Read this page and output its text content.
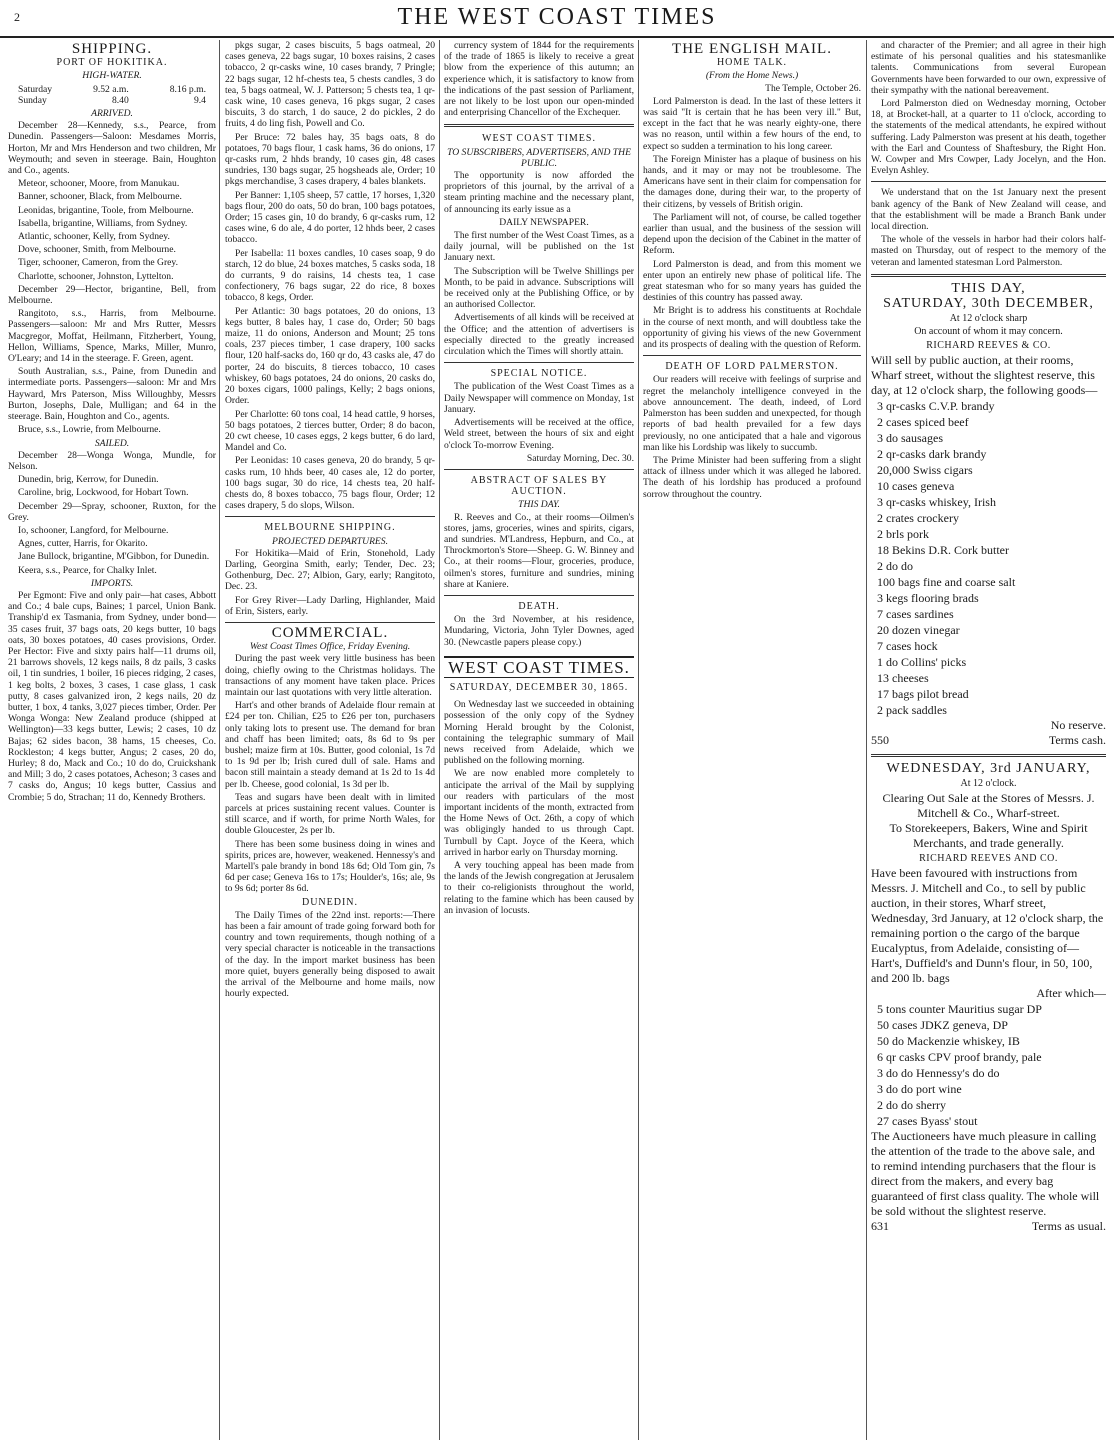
2	THE WEST COAST TIMES
SHIPPING.
PORT OF HOKITIKA.
HIGH-WATER.
Saturday	9.52 a.m.	8.16 p.m.
Sunday	8.40	9.4
ARRIVED.

December 28—Kennedy, s.s., Pearce, from Dunedin. Passengers—Saloon: Mesdames Morris, Horton, Mr and Mrs Henderson and two children, Mr Weymouth; and seven in steerage. Bain, Houghton and Co., agents.

Meteor, schooner, Moore, from Manukau.

Banner, schooner, Black, from Melbourne.

Leonidas, brigantine, Toole, from Melbourne.

Isabella, brigantine, Williams, from Sydney.

Atlantic, schooner, Kelly, from Sydney.

Dove, schooner, Smith, from Melbourne.

Tiger, schooner, Cameron, from the Grey.

Charlotte, schooner, Johnston, Lyttelton.

December 29—Hector, brigantine, Bell, from Melbourne.

Rangitoto, s.s., Harris, from Melbourne. Passengers—saloon: Mr and Mrs Rutter, Messrs Macgregor, Moffat, Heilmann, Fitzherbert, Young, Hellon, Williams, Spence, Marks, Miller, Munro, O'Leary; and 14 in the steerage. F. Green, agent.

South Australian, s.s., Paine, from Dunedin and intermediate ports. Passengers—saloon: Mr and Mrs Hayward, Mrs Paterson, Miss Willoughby, Messrs Burton, Josephs, Dale, Mulligan; and 64 in the steerage. Bain, Houghton and Co., agents.

Bruce, s.s., Lowrie, from Melbourne.

SAILED.

December 28—Wonga Wonga, Mundle, for Nelson.

Dunedin, brig, Kerrow, for Dunedin.

Caroline, brig, Lockwood, for Hobart Town.

December 29—Spray, schooner, Ruxton, for the Grey.

Io, schooner, Langford, for Melbourne.

Agnes, cutter, Harris, for Okarito.

Jane Bullock, brigantine, M'Gibbon, for Dunedin.

Keera, s.s., Pearce, for Chalky Inlet.

IMPORTS.

Per Egmont: Five and only pair—hat cases, Abbott and Co.; 4 bale cups, Baines; 1 parcel, Union Bank. Tranship'd ex Tasmania, from Sydney, under bond—35 cases fruit, 37 bags oats, 20 kegs butter, 10 bags oats, 30 boxes potatoes, 40 cases provisions, Order. Per Hector: Five and sixty pairs half—11 drums oil, 21 barrows shovels, 12 kegs nails, 8 dz pails, 3 casks oil, 1 tin sundries, 1 boiler, 16 pieces ridging, 2 cases, 1 keg bolts, 2 boxes, 3 cases, 1 case glass, 1 cask putty, 8 cases galvanized iron, 2 kegs nails, 20 dz butter, 1 box, 4 tanks, 3,027 pieces timber, Order. Per Wonga Wonga: New Zealand produce (shipped at Wellington)—33 kegs butter, Lewis; 2 cases, 10 dz Bajas; 62 sides bacon, 38 hams, 15 cheeses, Co. Rockleston; 4 kegs butter, Angus; 2 cases, 20 do, Hurley; 8 do, Mack and Co.; 10 do do, Cruickshank and Mill; 3 do, 2 cases potatoes, Acheson; 3 cases and 7 casks do, Angus; 10 kegs butter, Cassius and Crombie; 5 do, Strachan; 11 do, Kennedy Brothers.

pkgs sugar, 2 cases biscuits, 5 bags oatmeal, 20 cases geneva, 22 bags sugar, 10 boxes raisins, 2 cases tobacco, 2 qr-casks wine, 10 cases brandy, 7 Pringle; 22 bags sugar, 12 hf-chests tea, 5 chests candles, 3 do tea, 5 bags oatmeal, W. J. Patterson; 5 chests tea, 1 qr-cask wine, 10 cases geneva, 16 pkgs sugar, 2 cases biscuits, 3 do starch, 1 do sauce, 2 do pickles, 2 do fruits, 4 do ling fish, Powell and Co.

Per Bruce: 72 bales hay, 35 bags oats, 8 do potatoes, 70 bags flour, 1 cask hams, 36 do onions, 17 qr-casks rum, 2 hhds brandy, 10 cases gin, 48 cases sundries, 130 bags sugar, 25 hogsheads ale, Order; 10 pkgs merchandise, 3 cases drapery, 4 bales blankets.

Per Banner: 1,105 sheep, 57 cattle, 17 horses, 1,320 bags flour, 200 do oats, 50 do bran, 100 bags potatoes, Order; 15 cases gin, 10 do brandy, 6 qr-casks rum, 12 cases wine, 6 do ale, 4 do porter, 12 hhds beer, 2 cases tobacco.

Per Isabella: 11 boxes candles, 10 cases soap, 9 do starch, 12 do blue, 24 boxes matches, 5 casks soda, 18 do currants, 9 do raisins, 14 chests tea, 1 case confectionery, 76 bags sugar, 22 do rice, 8 boxes tobacco, 8 kegs, Order.

Per Atlantic: 30 bags potatoes, 20 do onions, 13 kegs butter, 8 bales hay, 1 case do, Order; 50 bags maize, 11 do onions, Anderson and Mount; 25 tons coals, 237 pieces timber, 1 case drapery, 100 sacks flour, 120 half-sacks do, 160 qr do, 43 casks ale, 47 do porter, 24 do biscuits, 8 tierces tobacco, 10 cases whiskey, 60 bags potatoes, 24 do onions, 20 casks do, 20 boxes cigars, 1000 palings, Kelly; 2 bags onions, Order.

Per Charlotte: 60 tons coal, 14 head cattle, 9 horses, 50 bags potatoes, 2 tierces butter, Order; 8 do bacon, 20 cwt cheese, 10 cases eggs, 2 kegs butter, 6 do lard, Mandel and Co.

Per Leonidas: 10 cases geneva, 20 do brandy, 5 qr-casks rum, 10 hhds beer, 40 cases ale, 12 do porter, 100 bags sugar, 30 do rice, 14 chests tea, 20 half-chests do, 8 boxes tobacco, 75 bags flour, Order; 12 cases drapery, 5 do slops, Wilson.

MELBOURNE SHIPPING.
PROJECTED DEPARTURES.

For Hokitika—Maid of Erin, Stonehold, Lady Darling, Georgina Smith, early; Tender, Dec. 23; Gothenburg, Dec. 27; Albion, Gary, early; Rangitoto, Dec. 23.

For Grey River—Lady Darling, Highlander, Maid of Erin, Sisters, early.

COMMERCIAL.
West Coast Times Office, Friday Evening.

During the past week very little business has been doing, chiefly owing to the Christmas holidays. The transactions of any moment have taken place. Prices maintain our last quotations with very little alteration.

Hart's and other brands of Adelaide flour remain at £24 per ton. Chilian, £25 to £26 per ton, purchasers only taking lots to present use. The demand for bran and chaff has been limited; oats, 8s 6d to 9s per bushel; maize firm at 10s. Butter, good colonial, 1s 7d to 1s 9d per lb; Irish cured dull of sale. Hams and bacon still maintain a steady demand at 1s 2d to 1s 4d per lb. Cheese, good colonial, 1s 3d per lb.

Teas and sugars have been dealt with in limited parcels at prices sustaining recent values. Counter is still scarce, and if worth, for prime North Wales, for double Gloucester, 2s per lb.

There has been some business doing in wines and spirits, prices are, however, weakened. Hennessy's and Martell's pale brandy in bond 18s 6d; Old Tom gin, 7s 6d per case; Geneva 16s to 17s; Houlder's, 16s; ale, 9s to 9s 6d; porter 8s 6d.

DUNEDIN.

The Daily Times of the 22nd inst. reports:—There has been a fair amount of trade going forward both for country and town requirements, though nothing of a very special character is noticeable in the transactions of the day. In the import market business has been more quiet, buyers generally being disposed to await the arrival of the Melbourne and home mails, now hourly expected.

currency system of 1844 for the requirements of the trade of 1865 is likely to receive a great blow from the experience of this autumn; an experience which, it is satisfactory to know from the indications of the past session of Parliament, are not likely to be lost upon our open-minded and enterprising Chancellor of the Exchequer.

WEST COAST TIMES.
TO SUBSCRIBERS, ADVERTISERS, AND THE PUBLIC.

The opportunity is now afforded the proprietors of this journal, by the arrival of a steam printing machine and the necessary plant, of announcing its early issue as a

DAILY NEWSPAPER.

The first number of the West Coast Times, as a daily journal, will be published on the 1st January next.

The Subscription will be Twelve Shillings per Month, to be paid in advance. Subscriptions will be received only at the Publishing Office, or by an authorised Collector.

Advertisements of all kinds will be received at the Office; and the attention of advertisers is especially directed to the greatly increased circulation which the Times will shortly attain.

SPECIAL NOTICE.

The publication of the West Coast Times as a Daily Newspaper will commence on Monday, 1st January.

Advertisements will be received at the office, Weld street, between the hours of six and eight o'clock To-morrow Evening.

Saturday Morning, Dec. 30.

ABSTRACT OF SALES BY AUCTION.
THIS DAY.

R. Reeves and Co., at their rooms—Oilmen's stores, jams, groceries, wines and spirits, cigars, and sundries. M'Landress, Hepburn, and Co., at Throckmorton's Store—Sheep. G. W. Binney and Co., at their rooms—Flour, groceries, produce, oilmen's stores, furniture and sundries, mining share at Kaniere.

DEATH.

On the 3rd November, at his residence, Mundaring, Victoria, John Tyler Downes, aged 30. (Newcastle papers please copy.)

WEST COAST TIMES.
SATURDAY, DECEMBER 30, 1865.

On Wednesday last we succeeded in obtaining possession of the only copy of the Sydney Morning Herald brought by the Colonist, containing the telegraphic summary of Mail news received from Adelaide, which we published on the following morning.

We are now enabled more completely to anticipate the arrival of the Mail by supplying our readers with particulars of the most important incidents of the month, extracted from the Home News of Oct. 26th, a copy of which was obligingly handed to us through Capt. Turnbull by Capt. Joyce of the Keera, which arrived in harbor early on Thursday morning.

A very touching appeal has been made from the lands of the Jewish congregation at Jerusalem to their co-religionists throughout the world, relating to the famine which has been caused by an invasion of locusts.

THE ENGLISH MAIL.
HOME TALK.
(From the Home News.)

The Temple, October 26.

Lord Palmerston is dead. In the last of these letters it was said "It is certain that he has been very ill." But, except in the fact that he was nearly eighty-one, there was no reason, until within a few hours of the end, to expect so sudden a termination to his long career.

The Foreign Minister has a plaque of business on his hands, and it may or may not be troublesome. The Americans have sent in their claim for compensation for the damages done, during their war, to the property of their citizens, by vessels of British origin.

The Parliament will not, of course, be called together earlier than usual, and the business of the session will depend upon the decision of the Cabinet in the matter of Reform.

Lord Palmerston is dead, and from this moment we enter upon an entirely new phase of political life. The great statesman who for so many years has guided the destinies of this country has passed away.

Mr Bright is to address his constituents at Rochdale in the course of next month, and will doubtless take the opportunity of giving his views of the new Government and its prospects of dealing with the question of Reform.

DEATH OF LORD PALMERSTON.

Our readers will receive with feelings of surprise and regret the melancholy intelligence conveyed in the above announcement. The death, indeed, of Lord Palmerston has been sudden and unexpected, for though reports of bad health prevailed for a few days previously, no one anticipated that a hale and vigorous man like his Lordship was likely to succumb.

The Prime Minister had been suffering from a slight attack of illness under which it was alleged he labored. The death of his lordship has produced a profound sorrow throughout the country.

and character of the Premier; and all agree in their high estimate of his personal qualities and his statesmanlike talents. Communications from several European Governments have been forwarded to our own, expressive of their sympathy with the national bereavement.

Lord Palmerston died on Wednesday morning, October 18, at Brocket-hall, at a quarter to 11 o'clock, according to the statements of the medical attendants, he expired without suffering. Lady Palmerston was present at his death, together with the Earl and Countess of Shaftesbury, the Right Hon. W. Cowper and Mrs Cowper, Lady Jocelyn, and the Hon. Evelyn Ashley.

We understand that on the 1st January next the present bank agency of the Bank of New Zealand will cease, and that the establishment will be made a Branch Bank under local direction.

The whole of the vessels in harbor had their colors half-masted on Thursday, out of respect to the memory of the veteran and lamented statesman Lord Palmerston.

THIS DAY,
SATURDAY, 30th DECEMBER,
At 12 o'clock sharp
On account of whom it may concern.
RICHARD REEVES & CO.
Will sell by public auction, at their rooms, Wharf street, without the slightest reserve, this day, at 12 o'clock sharp, the following goods—
3 qr-casks C.V.P. brandy
2 cases spiced beef
3 do sausages
2 qr-casks dark brandy
20,000 Swiss cigars
10 cases geneva
3 qr-casks whiskey, Irish
2 crates crockery
2 brls pork
18 Bekins D.R. Cork butter
2 do do
100 bags fine and coarse salt
3 kegs flooring brads
7 cases sardines
20 dozen vinegar
7 cases hock
1 do Collins' picks
13 cheeses
17 bags pilot bread
2 pack saddles
No reserve.
550	Terms cash.
WEDNESDAY, 3rd JANUARY,
At 12 o'clock.
Clearing Out Sale at the Stores of Messrs. J. Mitchell & Co., Wharf-street.
To Storekeepers, Bakers, Wine and Spirit Merchants, and trade generally.
RICHARD REEVES AND CO.
Have been favoured with instructions from Messrs. J. Mitchell and Co., to sell by public auction, in their stores, Wharf street, Wednesday, 3rd January, at 12 o'clock sharp, the remaining portion o the cargo of the barque Eucalyptus, from Adelaide, consisting of—
Hart's, Duffield's and Dunn's flour, in 50, 100, and 200 lb. bags
After which—
5 tons counter Mauritius sugar DP
50 cases JDKZ geneva, DP
50 do Mackenzie whiskey, IB
6 qr casks CPV proof brandy, pale
3 do do Hennessy's do do
3 do do port wine
2 do do sherry
27 cases Byass' stout
The Auctioneers have much pleasure in calling the attention of the trade to the above sale, and to remind intending purchasers that the flour is direct from the makers, and every bag guaranteed of first class quality. The whole will be sold without the slightest reserve.
631	Terms as usual.
